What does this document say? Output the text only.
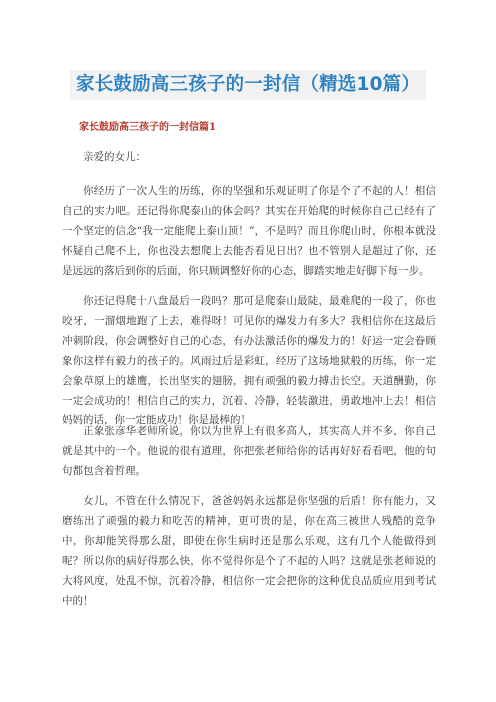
家长鼓励高三孩子的一封信（精选10篇）
家长鼓励高三孩子的一封信篇1

亲爱的女儿：

你经历了一次人生的历练，你的坚强和乐观证明了你是个了不起的人！相信自己的实力吧。还记得你爬泰山的体会吗？其实在开始爬的时候你自己已经有了一个坚定的信念“我一定能爬上泰山顶！”，不是吗？而且你爬山时，你根本就没怀疑自己爬不上，你也没去想爬上去能否看见日出？也不管别人是超过了你，还是远远的落后到你的后面，你只顾调整好你的心态，脚踏实地走好脚下每一步。

你还记得爬十八盘最后一段吗？那可是爬泰山最陡，最难爬的一段了，你也咬牙，一溜烟地跑了上去，难得呀！可见你的爆发力有多大？我相信你在这最后冲刺阶段，你会调整好自己的心态，有办法激活你的爆发力的！好运一定会眷顾象你这样有毅力的孩子的。风雨过后是彩虹，经历了这场地狱般的历练，你一定会象草原上的雄鹰，长出坚实的翅膀，拥有顽强的毅力搏击长空。天道酬勤，你一定会成功的！相信自己的实力，沉着、冷静，轻装激进，勇敢地冲上去！相信妈妈的话，你一定能成功！你是最棒的！

正象张彦华老师所说，你以为世界上有很多高人，其实高人并不多，你自己就是其中的一个。他说的很有道理，你把张老师给你的话再好好看看吧，他的句句都包含着哲理。

女儿，不管在什么情况下，爸爸妈妈永远都是你坚强的后盾！你有能力，又磨练出了顽强的毅力和吃苦的精神，更可贵的是，你在高三被世人残酷的竞争中，你却能笑得那么甜，即使在你生病时还是那么乐观，这有几个人能做得到呢？所以你的病好得那么快，你不觉得你是个了不起的人吗？这就是张老师说的大将风度，处乱不惊，沉着冷静，相信你一定会把你的这种优良品质应用到考试中的！
